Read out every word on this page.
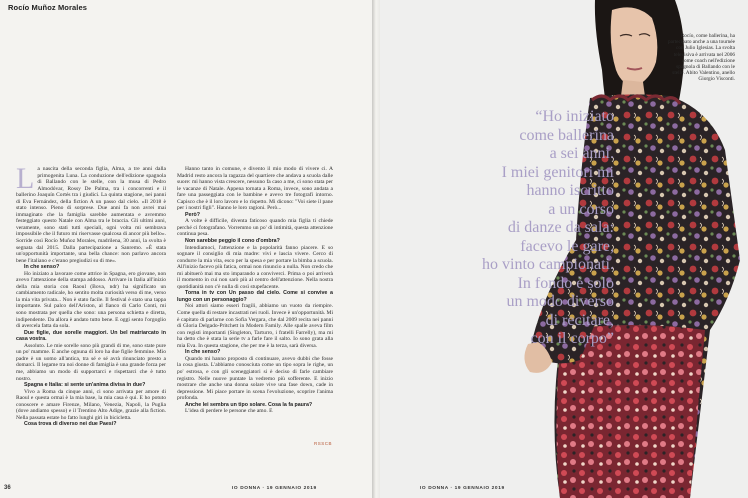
Rocío Muñoz Morales

La nascita della seconda figlia, Alma, a tre anni dalla primogenita Luna. La conduzione dell'edizione spagnola di Ballando con le stelle, con la musa di Pedro Almodóvar, Rossy De Palma, tra i concorrenti e il ballerino Joaquín Cortés tra i giudici. La quinta stagione, nei panni di Eva Fernández, della fiction A un passo dal cielo. «Il 2018 è stato intenso. Pieno di sorprese. Due anni fa non avrei mai immaginato che la famiglia sarebbe aumentata e avremmo festeggiato questo Natale con Alma tra le braccia. Gli ultimi anni, veramente, sono stati tutti speciali, ogni volta mi sembrava impossibile che il futuro mi riservasse qualcosa di ancor più bello». Sorride così Rocío Muñoz Morales, madrilena, 30 anni, la svolta è segnata dal 2015. Dalla partecipazione a Sanremo. «È stata un'opportunità importante, una bella chance: non parlavo ancora bene l'italiano e c'erano pregiudizi su di me».

In che senso?

Ho iniziato a lavorare come attrice in Spagna, ero giovane, non avevo l'attenzione della stampa addosso. Arrivare in Italia all'inizio della mia storia con Raoul (Bova, ndr) ha significato un cambiamento radicale, ho sentito molta curiosità verso di me, verso la mia vita privata... Non è stato facile. Il festival è stato una tappa importante. Sul palco dell'Ariston, al fianco di Carlo Conti, mi sono mostrata per quella che sono: una persona schietta e diretta, indipendente. Da allora è andato tutto bene. E oggi sento l'orgoglio di avercela fatta da sola.

Due figlie, due sorelle maggiori. Un bel matriarcato in casa vostra.

Assoluto. Le mie sorelle sono più grandi di me, sono state pure un po' mamme. E anche ognuna di loro ha due figlie femmine. Mio padre è un uomo all'antica, tra sé e sé avrà rinunciato presto a domarci. Il legame tra noi donne di famiglia è una grande forza per me, abbiamo un modo di supportarci e rispettarci che è tutto nostro.

Spagna e Italia: si sente un'anima divisa in due?

Vivo a Roma da cinque anni, ci sono arrivata per amore di Raoul e questa ormai è la mia base, la mia casa è qui. E ho potuto conoscere e amare Firenze, Milano, Venezia, Napoli, la Puglia (dove andiamo spesso) e il Trentino Alto Adige, grazie alla fiction. Nella passata estate ho fatto lunghi giri in bicicletta.

Cosa trova di diverso nei due Paesi?

Hanno tanto in comune, e divento il mio modo di vivere ci. A Madrid resto ancora la ragazza del quartiere che andava a scuola dalle suore: mi hanno vista crescere, nessuno fa caso a me, ci sono stata per le vacanze di Natale. Appena tornata a Roma, invece, sono andata a fare una passeggiata con le bambine e avevo tre fotografi intorno. Capisco che è il loro lavoro e lo rispetto. Mi dicono: "Voi siete il pane per i nostri figli". Hanno le loro ragioni. Però...

Però?

A volte è difficile, diventa faticoso quando mia figlia ti chiede perché ci fotografano. Vorremmo un po' di intimità, questa attenzione continua pesa.

Non sarebbe peggio il cono d'ombra?

Intendiamoci, l'attenzione e la popolarità fanno piacere. E so sognare il consiglio di mia madre: vivi e lascia vivere. Cerco di condurre la mia vita, esco per la spesa e per portare la bimba a scuola. All'inizio facevo più fatica, ormai non rinuncio a nulla. Non credo che mi abituerò mai ma sto imparando a conviverci. Prima o poi arriverà il momento in cui non sarò più al centro dell'attenzione. Nella nostra quotidianità non c'è nulla di così stupefacente.

Torna in tv con Un passo dal cielo. Come si convive a lungo con un personaggio?

Noi attori siamo esseri fragili, abbiamo un vuoto da riempire. Come quella di restare incastrati nei ruoli. Invece è un'opportunità. Mi è capitato di parlarne con Sofia Vergara, che dal 2009 recita nei panni di Gloria Delgado-Pritchett in Modern Family. Alle spalle aveva film con registi importanti (Singleton, Tarturro, i fratelli Farrelly), ma mi ha detto che è stata la serie tv a farle fare il salto. Io sono grata alla mia Eva. In questa stagione, che per me è la terza, sarà diversa.

In che senso?

Quando mi hanno proposto di continuare, avevo dubbi che fosse la cosa giusta. L'abbiamo conosciuta come un tipo sopra le righe, un po' estrosa, e con gli sceneggiatori si è deciso di farle cambiare registro. Nelle nuove puntate la vedremo più sofferente. E inizio mostrare che anche una donna solare vive una fase down, cade in depressione. Mi piace portare in scena l'evoluzione, scoprire l'anima profonda.

Anche lei sembra un tipo solare. Cosa la fa paura?

L'idea di perdere le persone che amo. E

RSSCB
36	IO DONNA · 19 GENNAIO 2019
“Ho iniziato
come ballerina
a sei anni.
I miei genitori mi
hanno iscritto
a un corso
di danze da sala:
facevo le gare,
ho vinto campionati.
In fondo è solo
un modo diverso
di recitare,
con il corpo”
Rocío, come ballerina, ha partecipato anche a una tournée con Julio Iglesias. La svolta televisiva è arrivata nel 2006 come coach nell'edizione spagnola di Ballando con le stelle. Abito Valentino, anello Giorgio Visconti.
IO DONNA · 19 GENNAIO 2019
